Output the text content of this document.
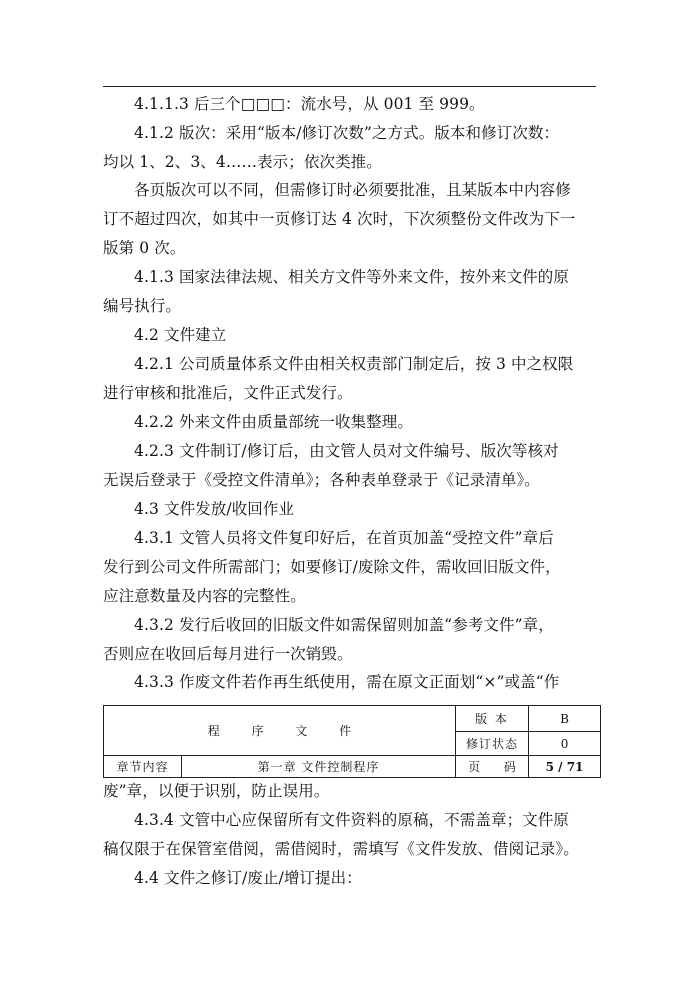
4.1.1.3 后三个□□□：流水号，从 001 至 999。
4.1.2 版次：采用“版本/修订次数”之方式。版本和修订次数：
均以 1、2、3、4……表示；依次类推。
各页版次可以不同，但需修订时必须要批准，且某版本中内容修
订不超过四次，如其中一页修订达 4 次时，下次须整份文件改为下一
版第 0 次。
4.1.3 国家法律法规、相关方文件等外来文件，按外来文件的原
编号执行。
4.2 文件建立
4.2.1 公司质量体系文件由相关权责部门制定后，按 3 中之权限
进行审核和批准后，文件正式发行。
4.2.2 外来文件由质量部统一收集整理。
4.2.3 文件制订/修订后，由文管人员对文件编号、版次等核对
无误后登录于《受控文件清单》；各种表单登录于《记录清单》。
4.3 文件发放/收回作业
4.3.1 文管人员将文件复印好后，在首页加盖“受控文件”章后
发行到公司文件所需部门；如要修订/废除文件，需收回旧版文件，
应注意数量及内容的完整性。
4.3.2 发行后收回的旧版文件如需保留则加盖“参考文件”章，
否则应在收回后每月进行一次销毁。
4.3.3 作废文件若作再生纸使用，需在原文正面划“×”或盖“作
废”章，以便于识别，防止误用。
4.3.4 文管中心应保留所有文件资料的原稿，不需盖章；文件原
稿仅限于在保管室借阅，需借阅时，需填写《文件发放、借阅记录》。
4.4 文件之修订/废止/增订提出：
程 序 文 件		版 本	B
		修订状态	0
章节内容	第一章 文件控制程序	页 码	5 / 71
